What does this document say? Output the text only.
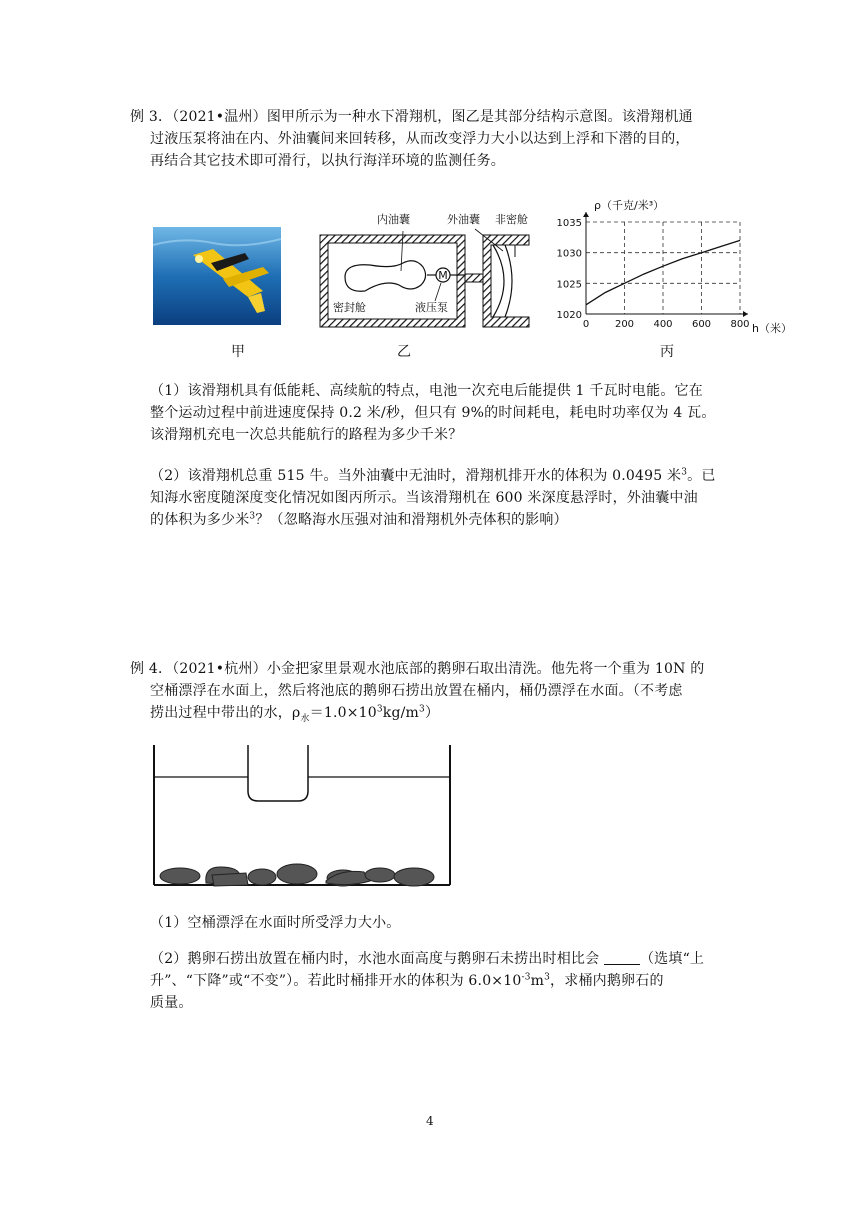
例 3．（2021•温州）图甲所示为一种水下滑翔机，图乙是其部分结构示意图。该滑翔机通
过液压泵将油在内、外油囊间来回转移，从而改变浮力大小以达到上浮和下潜的目的，
再结合其它技术即可滑行，以执行海洋环境的监测任务。
M
内油囊	外油囊 非密舱
密封舱	液压泵
0	200 400 600 800
1020
1025
1030
1035
ρ（千克/米³）
h（米）
甲	乙	丙
（1）该滑翔机具有低能耗、高续航的特点，电池一次充电后能提供 1 千瓦时电能。它在
整个运动过程中前进速度保持 0.2 米/秒，但只有 9%的时间耗电，耗电时功率仅为 4 瓦。
该滑翔机充电一次总共能航行的路程为多少千米？
（2）该滑翔机总重 515 牛。当外油囊中无油时，滑翔机排开水的体积为 0.0495 米$^3$。已
知海水密度随深度变化情况如图丙所示。当该滑翔机在 600 米深度悬浮时，外油囊中油
的体积为多少米$^3$？（忽略海水压强对油和滑翔机外壳体积的影响）
例 4．（2021•杭州）小金把家里景观水池底部的鹅卵石取出清洗。他先将一个重为 10N 的
空桶漂浮在水面上，然后将池底的鹅卵石捞出放置在桶内，桶仍漂浮在水面。（不考虑
捞出过程中带出的水，$\rho_水=1.0\times 10^3kg/m^3$）
（1）空桶漂浮在水面时所受浮力大小。
（2）鹅卵石捞出放置在桶内时，水池水面高度与鹅卵石未捞出时相比会	（选填“上
升”、“下降”或“不变”）。若此时桶排开水的体积为 $6.0\times 10^{-3}m^3$，求桶内鹅卵石的
质量。
4
